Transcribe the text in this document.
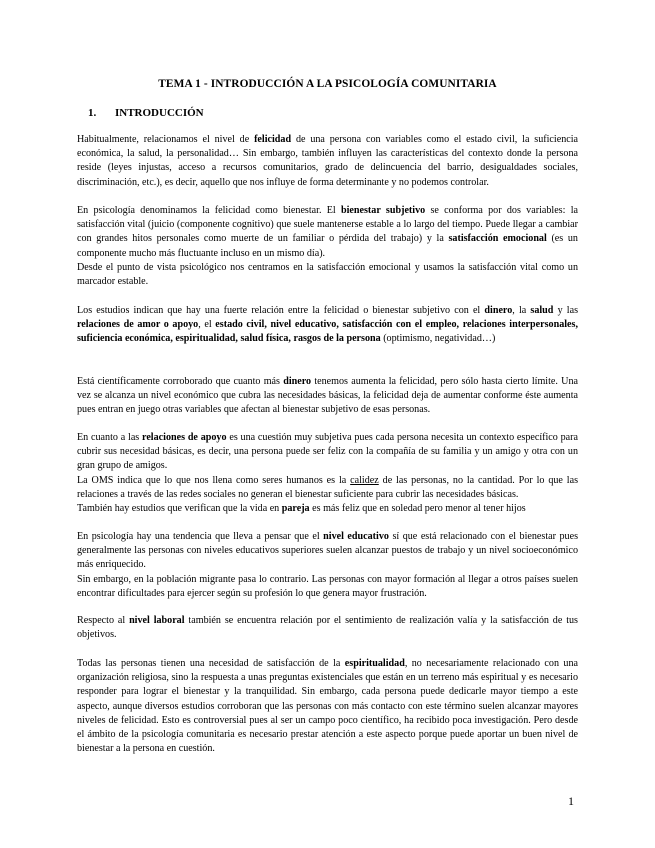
TEMA 1 - INTRODUCCIÓN A LA PSICOLOGÍA COMUNITARIA
1. INTRODUCCIÓN

Habitualmente, relacionamos el nivel de felicidad de una persona con variables como el estado civil, la suficiencia económica, la salud, la personalidad… Sin embargo, también influyen las características del contexto donde la persona reside (leyes injustas, acceso a recursos comunitarios, grado de delincuencia del barrio, desigualdades sociales, discriminación, etc.), es decir, aquello que nos influye de forma determinante y no podemos controlar.

En psicología denominamos la felicidad como bienestar. El bienestar subjetivo se conforma por dos variables: la satisfacción vital (juicio (componente cognitivo) que suele mantenerse estable a lo largo del tiempo. Puede llegar a cambiar con grandes hitos personales como muerte de un familiar o pérdida del trabajo) y la satisfacción emocional (es un componente mucho más fluctuante incluso en un mismo día).
Desde el punto de vista psicológico nos centramos en la satisfacción emocional y usamos la satisfacción vital como un marcador estable.

Los estudios indican que hay una fuerte relación entre la felicidad o bienestar subjetivo con el dinero, la salud y las relaciones de amor o apoyo, el estado civil, nivel educativo, satisfacción con el empleo, relaciones interpersonales, suficiencia económica, espiritualidad, salud física, rasgos de la persona (optimismo, negatividad…)

Está científicamente corroborado que cuanto más dinero tenemos aumenta la felicidad, pero sólo hasta cierto límite. Una vez se alcanza un nivel económico que cubra las necesidades básicas, la felicidad deja de aumentar conforme éste aumenta pues entran en juego otras variables que afectan al bienestar subjetivo de esas personas.

En cuanto a las relaciones de apoyo es una cuestión muy subjetiva pues cada persona necesita un contexto específico para cubrir sus necesidad básicas, es decir, una persona puede ser feliz con la compañía de su familia y un amigo y otra con un gran grupo de amigos.
La OMS indica que lo que nos llena como seres humanos es la calidez de las personas, no la cantidad. Por lo que las relaciones a través de las redes sociales no generan el bienestar suficiente para cubrir las necesidades básicas.
También hay estudios que verifican que la vida en pareja es más feliz que en soledad pero menor al tener hijos

En psicología hay una tendencia que lleva a pensar que el nivel educativo sí que está relacionado con el bienestar pues generalmente las personas con niveles educativos superiores suelen alcanzar puestos de trabajo y un nivel socioeconómico más enriquecido.
Sin embargo, en la población migrante pasa lo contrario. Las personas con mayor formación al llegar a otros países suelen encontrar dificultades para ejercer según su profesión lo que genera mayor frustración.

Respecto al nivel laboral también se encuentra relación por el sentimiento de realización valía y la satisfacción de tus objetivos.

Todas las personas tienen una necesidad de satisfacción de la espiritualidad, no necesariamente relacionado con una organización religiosa, sino la respuesta a unas preguntas existenciales que están en un terreno más espiritual y es necesario responder para lograr el bienestar y la tranquilidad. Sin embargo, cada persona puede dedicarle mayor tiempo a este aspecto, aunque diversos estudios corroboran que las personas con más contacto con este término suelen alcanzar mayores niveles de felicidad. Esto es controversial pues al ser un campo poco científico, ha recibido poca investigación. Pero desde el ámbito de la psicología comunitaria es necesario prestar atención a este aspecto porque puede aportar un buen nivel de bienestar a la persona en cuestión.

1
